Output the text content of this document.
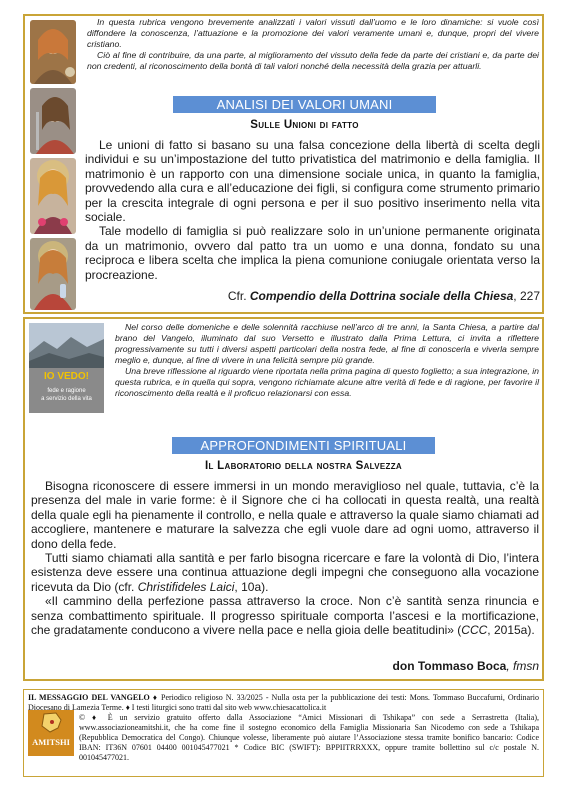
In questa rubrica vengono brevemente analizzati i valori vissuti dall’uomo e le loro dinamiche: si vuole così diffondere la conoscenza, l’attuazione e la promozione dei valori veramente umani e, dunque, propri del vivere cristiano.

Ciò al fine di contribuire, da una parte, al miglioramento del vissuto della fede da parte dei cristiani e, da parte dei non credenti, al riconoscimento della bontà di tali valori nonché della necessità della grazia per attuarli.

ANALISI DEI VALORI UMANI
Sulle Unioni di fatto

Le unioni di fatto si basano su una falsa concezione della libertà di scelta degli individui e su un’impostazione del tutto privatistica del matrimonio e della famiglia. Il matrimonio è un rapporto con una dimensione sociale unica, in quanto la famiglia, provvedendo alla cura e all’educazione dei figli, si configura come strumento primario per la crescita integrale di ogni persona e per il suo positivo inserimento nella vita sociale.

Tale modello di famiglia si può realizzare solo in un’unione permanente originata da un matrimonio, ovvero dal patto tra un uomo e una donna, fondato su una reciproca e libera scelta che implica la piena comunione coniugale orientata verso la procreazione.

Cfr. Compendio della Dottrina sociale della Chiesa, 227
IO VEDO!
fede e ragione
a servizio della vita

Nel corso delle domeniche e delle solennità racchiuse nell’arco di tre anni, la Santa Chiesa, a partire dal brano del Vangelo, illuminato dal suo Versetto e illustrato dalla Prima Lettura, ci invita a riflettere progressivamente su tutti i diversi aspetti particolari della nostra fede, al fine di conoscerla e viverla sempre meglio e, dunque, al fine di vivere in una felicità sempre più grande.

Una breve riflessione al riguardo viene riportata nella prima pagina di questo foglietto; a sua integrazione, in questa rubrica, e in quella qui sopra, vengono richiamate alcune altre verità di fede e di ragione, per favorire il riconoscimento della realtà e il proficuo relazionarsi con essa.

APPROFONDIMENTI SPIRITUALI
Il Laboratorio della nostra Salvezza

Bisogna riconoscere di essere immersi in un mondo meraviglioso nel quale, tuttavia, c’è la presenza del male in varie forme: è il Signore che ci ha collocati in questa realtà, una realtà della quale egli ha pienamente il controllo, e nella quale e attraverso la quale siamo chiamati ad accogliere, mantenere e maturare la salvezza che egli vuole dare ad ogni uomo, attraverso il dono della fede.

Tutti siamo chiamati alla santità e per farlo bisogna ricercare e fare la volontà di Dio, l’intera esistenza deve essere una continua attuazione degli impegni che conseguono alla vocazione ricevuta da Dio (cfr. Christifideles Laici, 10a).

«Il cammino della perfezione passa attraverso la croce. Non c’è santità senza rinuncia e senza combattimento spirituale. Il progresso spirituale comporta l’ascesi e la mortificazione, che gradatamente conducono a vivere nella pace e nella gioia delle beatitudini» (CCC, 2015a).

don Tommaso Boca, fmsn
AMITSHI
IL MESSAGGIO DEL VANGELO ♦ Periodico religioso N. 33/2025 - Nulla osta per la pubblicazione dei testi: Mons. Tommaso Buccafurni, Ordinario Diocesano di Lamezia Terme. ♦ I testi liturgici sono tratti dal sito web www.chiesacattolica.it
© ♦ È un servizio gratuito offerto dalla Associazione “Amici Missionari di Tshikapa” con sede a Serrastretta (Italia), www.associazioneamitshi.it, che ha come fine il sostegno economico della Famiglia Missionaria San Nicodemo con sede a Tshikapa (Repubblica Democratica del Congo). Chiunque volesse, liberamente può aiutare l’Associazione stessa tramite bonifico bancario: Codice IBAN: IT36N 07601 04400 001045477021 * Codice BIC (SWIFT): BPPIITRRXXX, oppure tramite bollettino sul c/c postale N. 001045477021.
